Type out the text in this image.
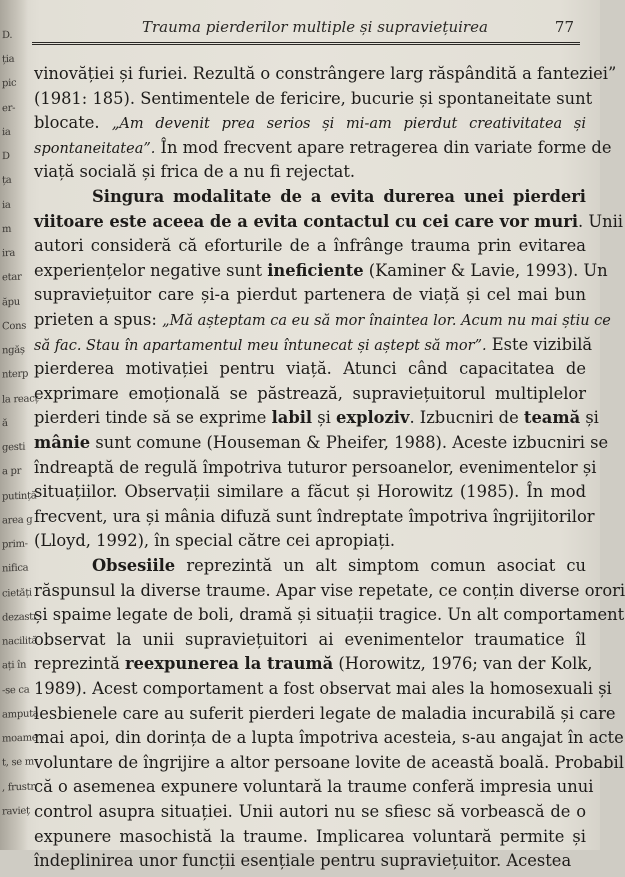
D.
ția
pic
er-
ia
D
ța
ia
m
ira
etar
ăpu
Cons
ngăș
nterp
la reacț
ă
gesti
a pr
putință
area g
prim-
nifica
cietăți
dezastr
nacilită
ați în
-se ca
amputa
moame
t, se m
, frustr
ravieț
Trauma pierderilor multiple și supraviețuirea	77
vinovăției și furiei. Rezultă o constrângere larg răspândită a fanteziei”
(1981: 185). Sentimentele de fericire, bucurie și spontaneitate sunt
blocate. „Am devenit prea serios și mi-am pierdut creativitatea și
spontaneitatea”. În mod frecvent apare retragerea din variate forme de
viață socială și frica de a nu fi rejectat.
Singura modalitate de a evita durerea unei pierderi
viitoare este aceea de a evita contactul cu cei care vor muri. Unii
autori consideră că eforturile de a înfrânge trauma prin evitarea
experiențelor negative sunt ineficiente (Kaminer & Lavie, 1993). Un
supraviețuitor care și-a pierdut partenera de viață și cel mai bun
prieten a spus: „Mă așteptam ca eu să mor înaintea lor. Acum nu mai știu ce
să fac. Stau în apartamentul meu întunecat și aștept să mor”. Este vizibilă
pierderea motivației pentru viață. Atunci când capacitatea de
exprimare emoțională se păstrează, supraviețuitorul multiplelor
pierderi tinde să se exprime labil și exploziv. Izbucniri de teamă și
mânie sunt comune (Houseman & Pheifer, 1988). Aceste izbucniri se
îndreaptă de regulă împotriva tuturor persoanelor, evenimentelor și
situațiilor. Observații similare a făcut și Horowitz (1985). În mod
frecvent, ura și mânia difuză sunt îndreptate împotriva îngrijitorilor
(Lloyd, 1992), în special către cei apropiați.
Obsesiile reprezintă un alt simptom comun asociat cu
răspunsul la diverse traume. Apar vise repetate, ce conțin diverse orori
și spaime legate de boli, dramă și situații tragice. Un alt comportament
observat la unii supraviețuitori ai evenimentelor traumatice îl
reprezintă reexpunerea la traumă (Horowitz, 1976; van der Kolk,
1989). Acest comportament a fost observat mai ales la homosexuali și
lesbienele care au suferit pierderi legate de maladia incurabilă și care
mai apoi, din dorința de a lupta împotriva acesteia, s-au angajat în acte
voluntare de îngrijire a altor persoane lovite de această boală. Probabil
că o asemenea expunere voluntară la traume conferă impresia unui
control asupra situației. Unii autori nu se sfiesc să vorbească de o
expunere masochistă la traume. Implicarea voluntară permite și
îndeplinirea unor funcții esențiale pentru supraviețuitor. Acestea
